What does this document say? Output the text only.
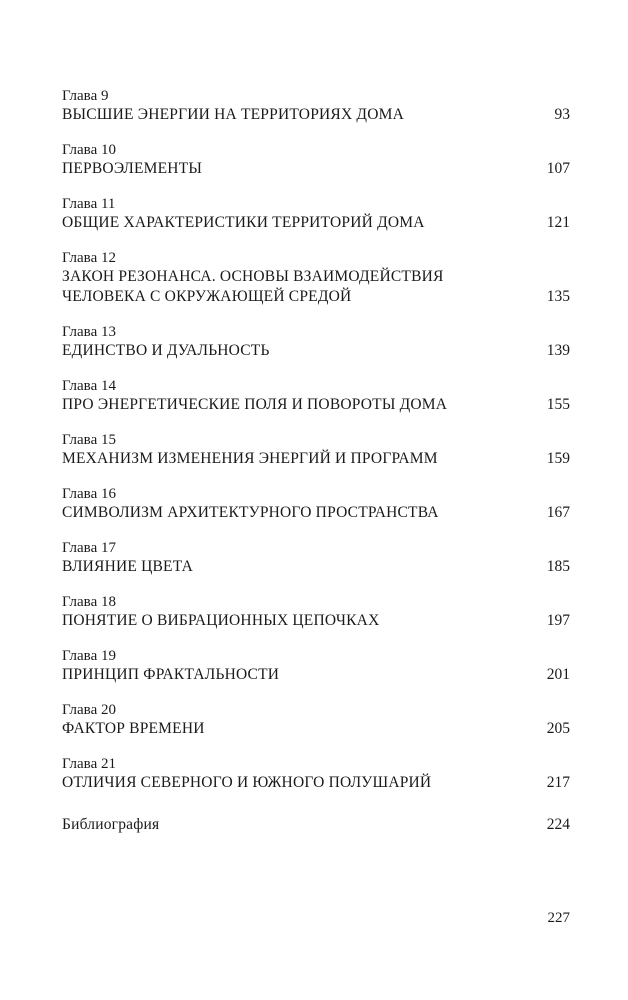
Глава 9
ВЫСШИЕ ЭНЕРГИИ НА ТЕРРИТОРИЯХ ДОМА	93
Глава 10
ПЕРВОЭЛЕМЕНТЫ	107
Глава 11
ОБЩИЕ ХАРАКТЕРИСТИКИ ТЕРРИТОРИЙ ДОМА	121
Глава 12
ЗАКОН РЕЗОНАНСА. ОСНОВЫ ВЗАИМОДЕЙСТВИЯ
ЧЕЛОВЕКА С ОКРУЖАЮЩЕЙ СРЕДОЙ	135
Глава 13
ЕДИНСТВО И ДУАЛЬНОСТЬ	139
Глава 14
ПРО ЭНЕРГЕТИЧЕСКИЕ ПОЛЯ И ПОВОРОТЫ ДОМА	155
Глава 15
МЕХАНИЗМ ИЗМЕНЕНИЯ ЭНЕРГИЙ И ПРОГРАММ	159
Глава 16
СИМВОЛИЗМ АРХИТЕКТУРНОГО ПРОСТРАНСТВА	167
Глава 17
ВЛИЯНИЕ ЦВЕТА	185
Глава 18
ПОНЯТИЕ О ВИБРАЦИОННЫХ ЦЕПОЧКАХ	197
Глава 19
ПРИНЦИП ФРАКТАЛЬНОСТИ	201
Глава 20
ФАКТОР ВРЕМЕНИ	205
Глава 21
ОТЛИЧИЯ СЕВЕРНОГО И ЮЖНОГО ПОЛУШАРИЙ	217
Библиография	224
227
